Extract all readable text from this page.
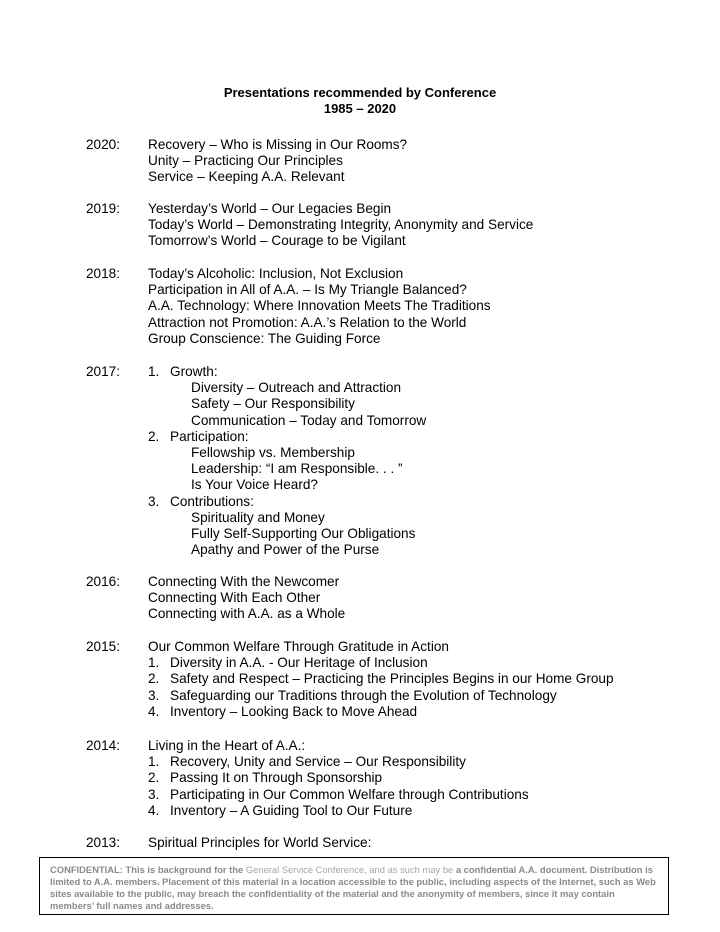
Presentations recommended by Conference
1985 – 2020
2020: Recovery – Who is Missing in Our Rooms?
Unity – Practicing Our Principles
Service – Keeping A.A. Relevant
2019: Yesterday’s World – Our Legacies Begin
Today’s World – Demonstrating Integrity, Anonymity and Service
Tomorrow’s World – Courage to be Vigilant
2018: Today’s Alcoholic: Inclusion, Not Exclusion
Participation in All of A.A. – Is My Triangle Balanced?
A.A. Technology: Where Innovation Meets The Traditions
Attraction not Promotion: A.A.’s Relation to the World
Group Conscience: The Guiding Force
2017: 1. Growth:
Diversity – Outreach and Attraction
Safety – Our Responsibility
Communication – Today and Tomorrow
2. Participation:
Fellowship vs. Membership
Leadership: “I am Responsible. . . ”
Is Your Voice Heard?
3. Contributions:
Spirituality and Money
Fully Self-Supporting Our Obligations
Apathy and Power of the Purse
2016: Connecting With the Newcomer
Connecting With Each Other
Connecting with A.A. as a Whole
2015: Our Common Welfare Through Gratitude in Action
1. Diversity in A.A. - Our Heritage of Inclusion
2. Safety and Respect – Practicing the Principles Begins in our Home Group
3. Safeguarding our Traditions through the Evolution of Technology
4. Inventory – Looking Back to Move Ahead
2014: Living in the Heart of A.A.:
1. Recovery, Unity and Service – Our Responsibility
2. Passing It on Through Sponsorship
3. Participating in Our Common Welfare through Contributions
4. Inventory – A Guiding Tool to Our Future
2013: Spiritual Principles for World Service:
CONFIDENTIAL: This is background for the General Service Conference, and as such may be a confidential A.A. document. Distribution is limited to A.A. members. Placement of this material in a location accessible to the public, including aspects of the Internet, such as Web sites available to the public, may breach the confidentiality of the material and the anonymity of members, since it may contain members’ full names and addresses.
